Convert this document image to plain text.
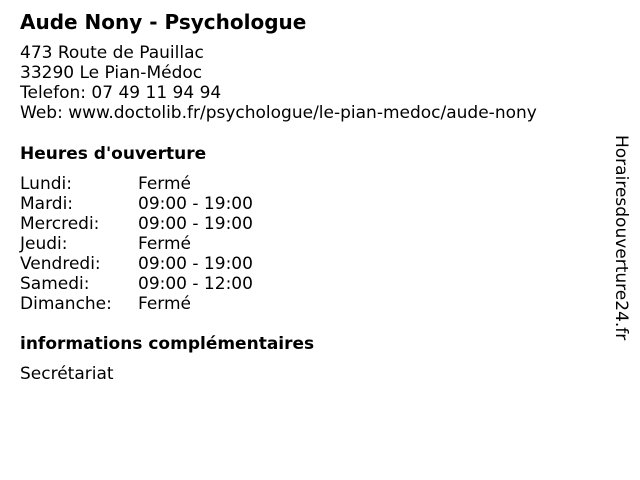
Aude Nony - Psychologue
473 Route de Pauillac
33290 Le Pian-Médoc
Telefon: 07 49 11 94 94
Web: www.doctolib.fr/psychologue/le-pian-medoc/aude-nony
Heures d'ouverture
Lundi:	Fermé
Mardi:	09:00 - 19:00
Mercredi: 09:00 - 19:00
Jeudi:	Fermé
Vendredi: 09:00 - 19:00
Samedi:	09:00 - 12:00
Dimanche: Fermé
informations complémentaires
Secrétariat
Horairesdouverture24.fr
